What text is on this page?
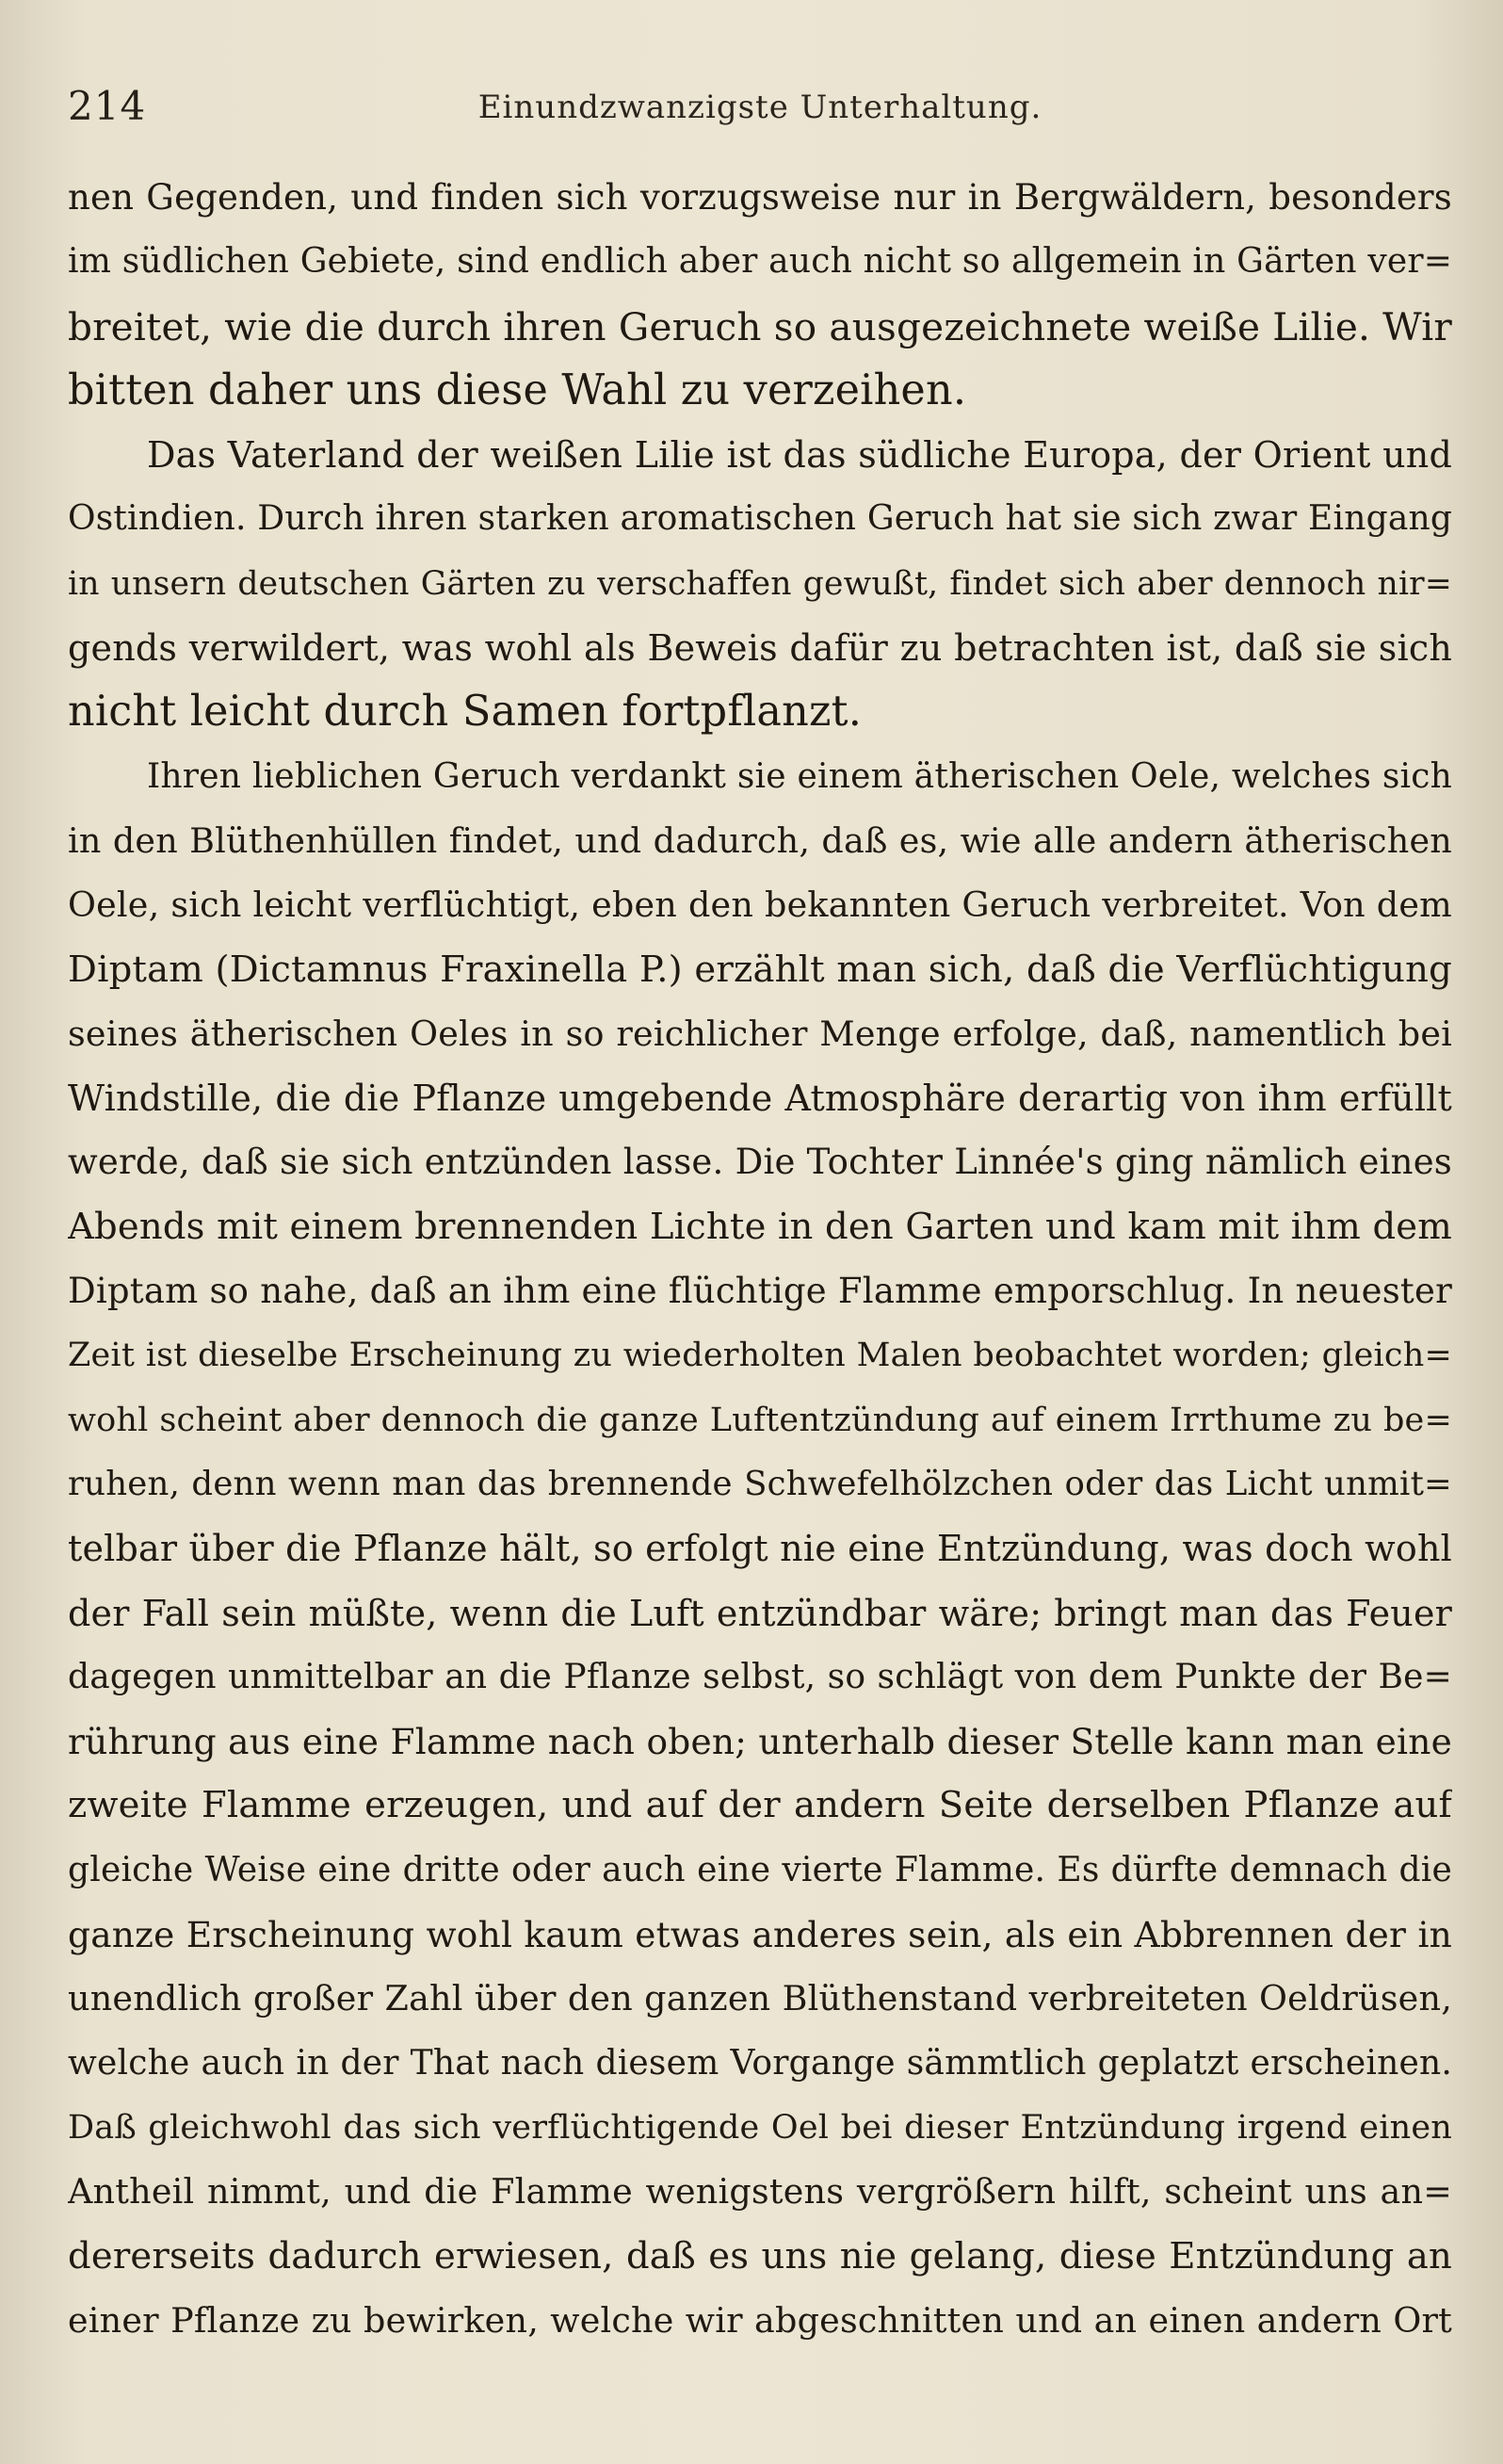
214	Einundzwanzigste Unterhaltung.
nen Gegenden, und finden sich vorzugsweise nur in Bergwäldern, besonders
im südlichen Gebiete, sind endlich aber auch nicht so allgemein in Gärten ver=
breitet, wie die durch ihren Geruch so ausgezeichnete weiße Lilie. Wir
bitten daher uns diese Wahl zu verzeihen.
Das Vaterland der weißen Lilie ist das südliche Europa, der Orient und
Ostindien. Durch ihren starken aromatischen Geruch hat sie sich zwar Eingang
in unsern deutschen Gärten zu verschaffen gewußt, findet sich aber dennoch nir=
gends verwildert, was wohl als Beweis dafür zu betrachten ist, daß sie sich
nicht leicht durch Samen fortpflanzt.
Ihren lieblichen Geruch verdankt sie einem ätherischen Oele, welches sich
in den Blüthenhüllen findet, und dadurch, daß es, wie alle andern ätherischen
Oele, sich leicht verflüchtigt, eben den bekannten Geruch verbreitet. Von dem
Diptam (Dictamnus Fraxinella P.) erzählt man sich, daß die Verflüchtigung
seines ätherischen Oeles in so reichlicher Menge erfolge, daß, namentlich bei
Windstille, die die Pflanze umgebende Atmosphäre derartig von ihm erfüllt
werde, daß sie sich entzünden lasse. Die Tochter Linnée's ging nämlich eines
Abends mit einem brennenden Lichte in den Garten und kam mit ihm dem
Diptam so nahe, daß an ihm eine flüchtige Flamme emporschlug. In neuester
Zeit ist dieselbe Erscheinung zu wiederholten Malen beobachtet worden; gleich=
wohl scheint aber dennoch die ganze Luftentzündung auf einem Irrthume zu be=
ruhen, denn wenn man das brennende Schwefelhölzchen oder das Licht unmit=
telbar über die Pflanze hält, so erfolgt nie eine Entzündung, was doch wohl
der Fall sein müßte, wenn die Luft entzündbar wäre; bringt man das Feuer
dagegen unmittelbar an die Pflanze selbst, so schlägt von dem Punkte der Be=
rührung aus eine Flamme nach oben; unterhalb dieser Stelle kann man eine
zweite Flamme erzeugen, und auf der andern Seite derselben Pflanze auf
gleiche Weise eine dritte oder auch eine vierte Flamme. Es dürfte demnach die
ganze Erscheinung wohl kaum etwas anderes sein, als ein Abbrennen der in
unendlich großer Zahl über den ganzen Blüthenstand verbreiteten Oeldrüsen,
welche auch in der That nach diesem Vorgange sämmtlich geplatzt erscheinen.
Daß gleichwohl das sich verflüchtigende Oel bei dieser Entzündung irgend einen
Antheil nimmt, und die Flamme wenigstens vergrößern hilft, scheint uns an=
dererseits dadurch erwiesen, daß es uns nie gelang, diese Entzündung an
einer Pflanze zu bewirken, welche wir abgeschnitten und an einen andern Ort
